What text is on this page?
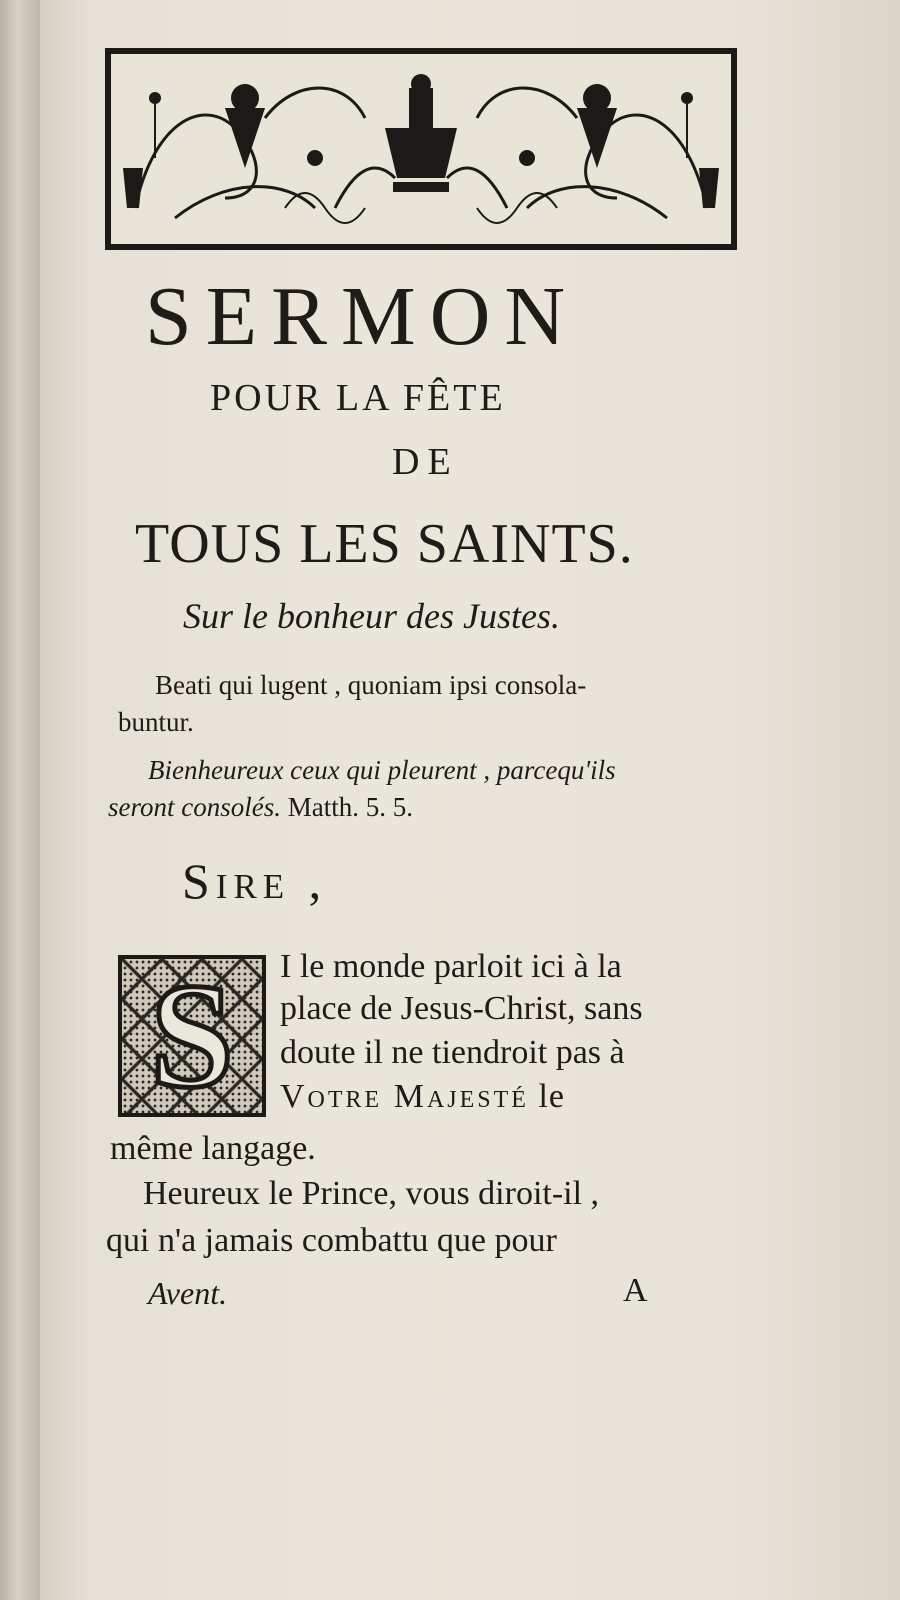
SERMON
POUR LA FÊTE
DE
TOUS LES SAINTS.
Sur le bonheur des Justes.
Beati qui lugent , quoniam ipsi consola-
buntur.
Bienheureux ceux qui pleurent , parcequ'ils
seront consolés. Matth. 5. 5.
Sire ,
S	I le monde parloit ici à la
place de Jesus-Christ, sans
doute il ne tiendroit pas à
Votre Majesté le
même langage.
Heureux le Prince, vous diroit-il ,
qui n'a jamais combattu que pour
Avent.	A
